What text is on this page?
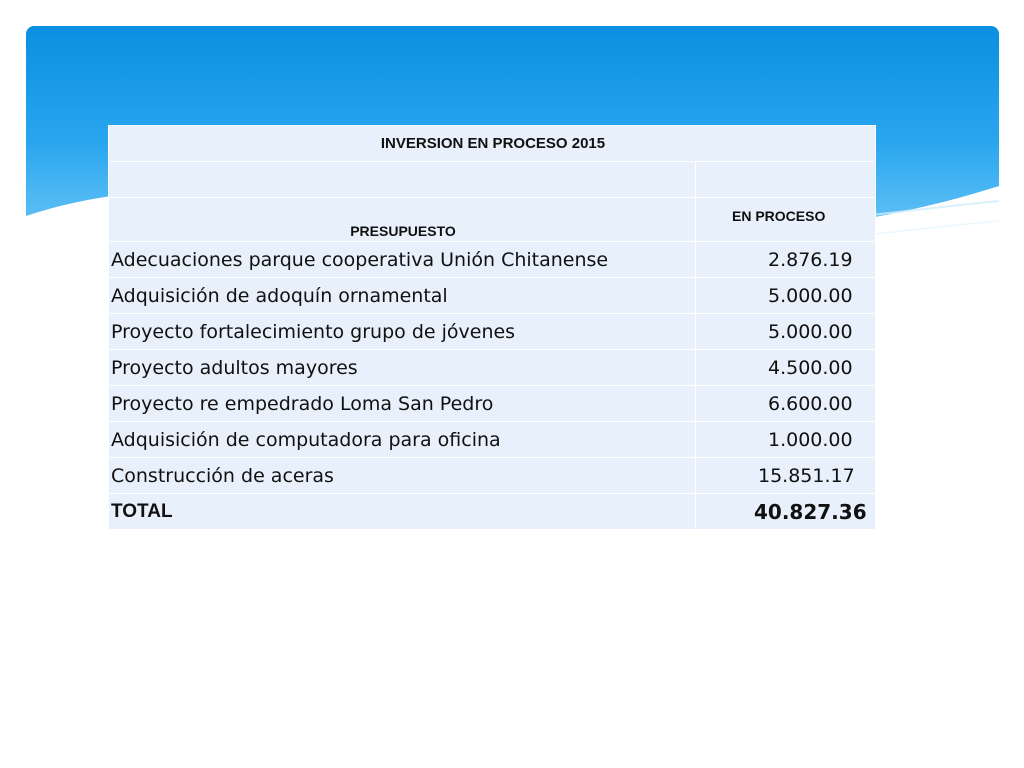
INVERSION EN PROCESO 2015	

PRESUPUESTO	EN PROCESO
Adecuaciones parque cooperativa Unión Chitanense	2.876.19
Adquisición de adoquín ornamental	5.000.00
Proyecto fortalecimiento grupo de jóvenes	5.000.00
Proyecto adultos mayores	4.500.00
Proyecto re empedrado Loma San Pedro	6.600.00
Adquisición de computadora para oficina	1.000.00
Construcción de aceras	15.851.17
TOTAL	40.827.36
